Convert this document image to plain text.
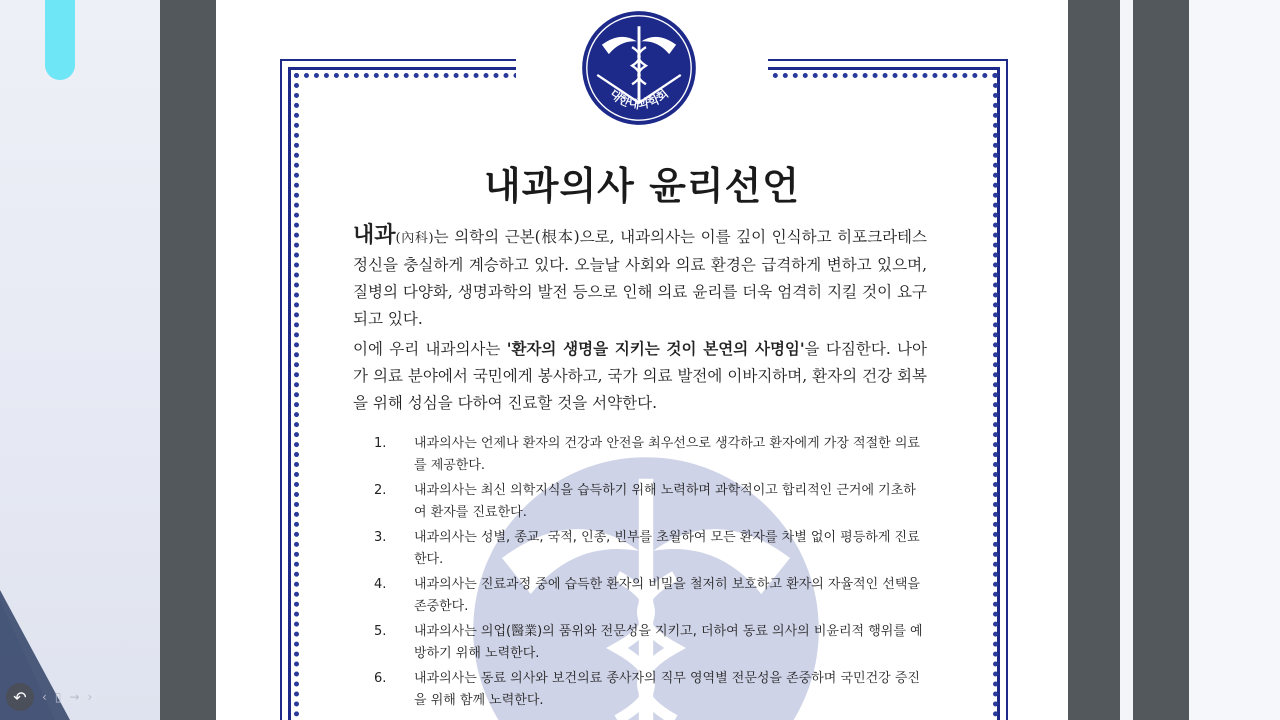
↶ ‹ ▯ → ›
대한내과학회
내과의사 윤리선언

내과(內科)는 의학의 근본(根本)으로, 내과의사는 이를 깊이 인식하고 히포크라테스 정신을 충실하게 계승하고 있다. 오늘날 사회와 의료 환경은 급격하게 변하고 있으며, 질병의 다양화, 생명과학의 발전 등으로 인해 의료 윤리를 더욱 엄격히 지킬 것이 요구되고 있다.

이에 우리 내과의사는 '환자의 생명을 지키는 것이 본연의 사명임'을 다짐한다. 나아가 의료 분야에서 국민에게 봉사하고, 국가 의료 발전에 이바지하며, 환자의 건강 회복을 위해 성심을 다하여 진료할 것을 서약한다.

1.	내과의사는 언제나 환자의 건강과 안전을 최우선으로 생각하고 환자에게 가장 적절한 의료를 제공한다.
2.	내과의사는 최신 의학지식을 습득하기 위해 노력하며 과학적이고 합리적인 근거에 기초하여 환자를 진료한다.
3.	내과의사는 성별, 종교, 국적, 인종, 빈부를 초월하여 모든 환자를 차별 없이 평등하게 진료한다.
4.	내과의사는 진료과정 중에 습득한 환자의 비밀을 철저히 보호하고 환자의 자율적인 선택을 존중한다.
5.	내과의사는 의업(醫業)의 품위와 전문성을 지키고, 더하여 동료 의사의 비윤리적 행위를 예방하기 위해 노력한다.
6.	내과의사는 동료 의사와 보건의료 종사자의 직무 영역별 전문성을 존중하며 국민건강 증진을 위해 함께 노력한다.
